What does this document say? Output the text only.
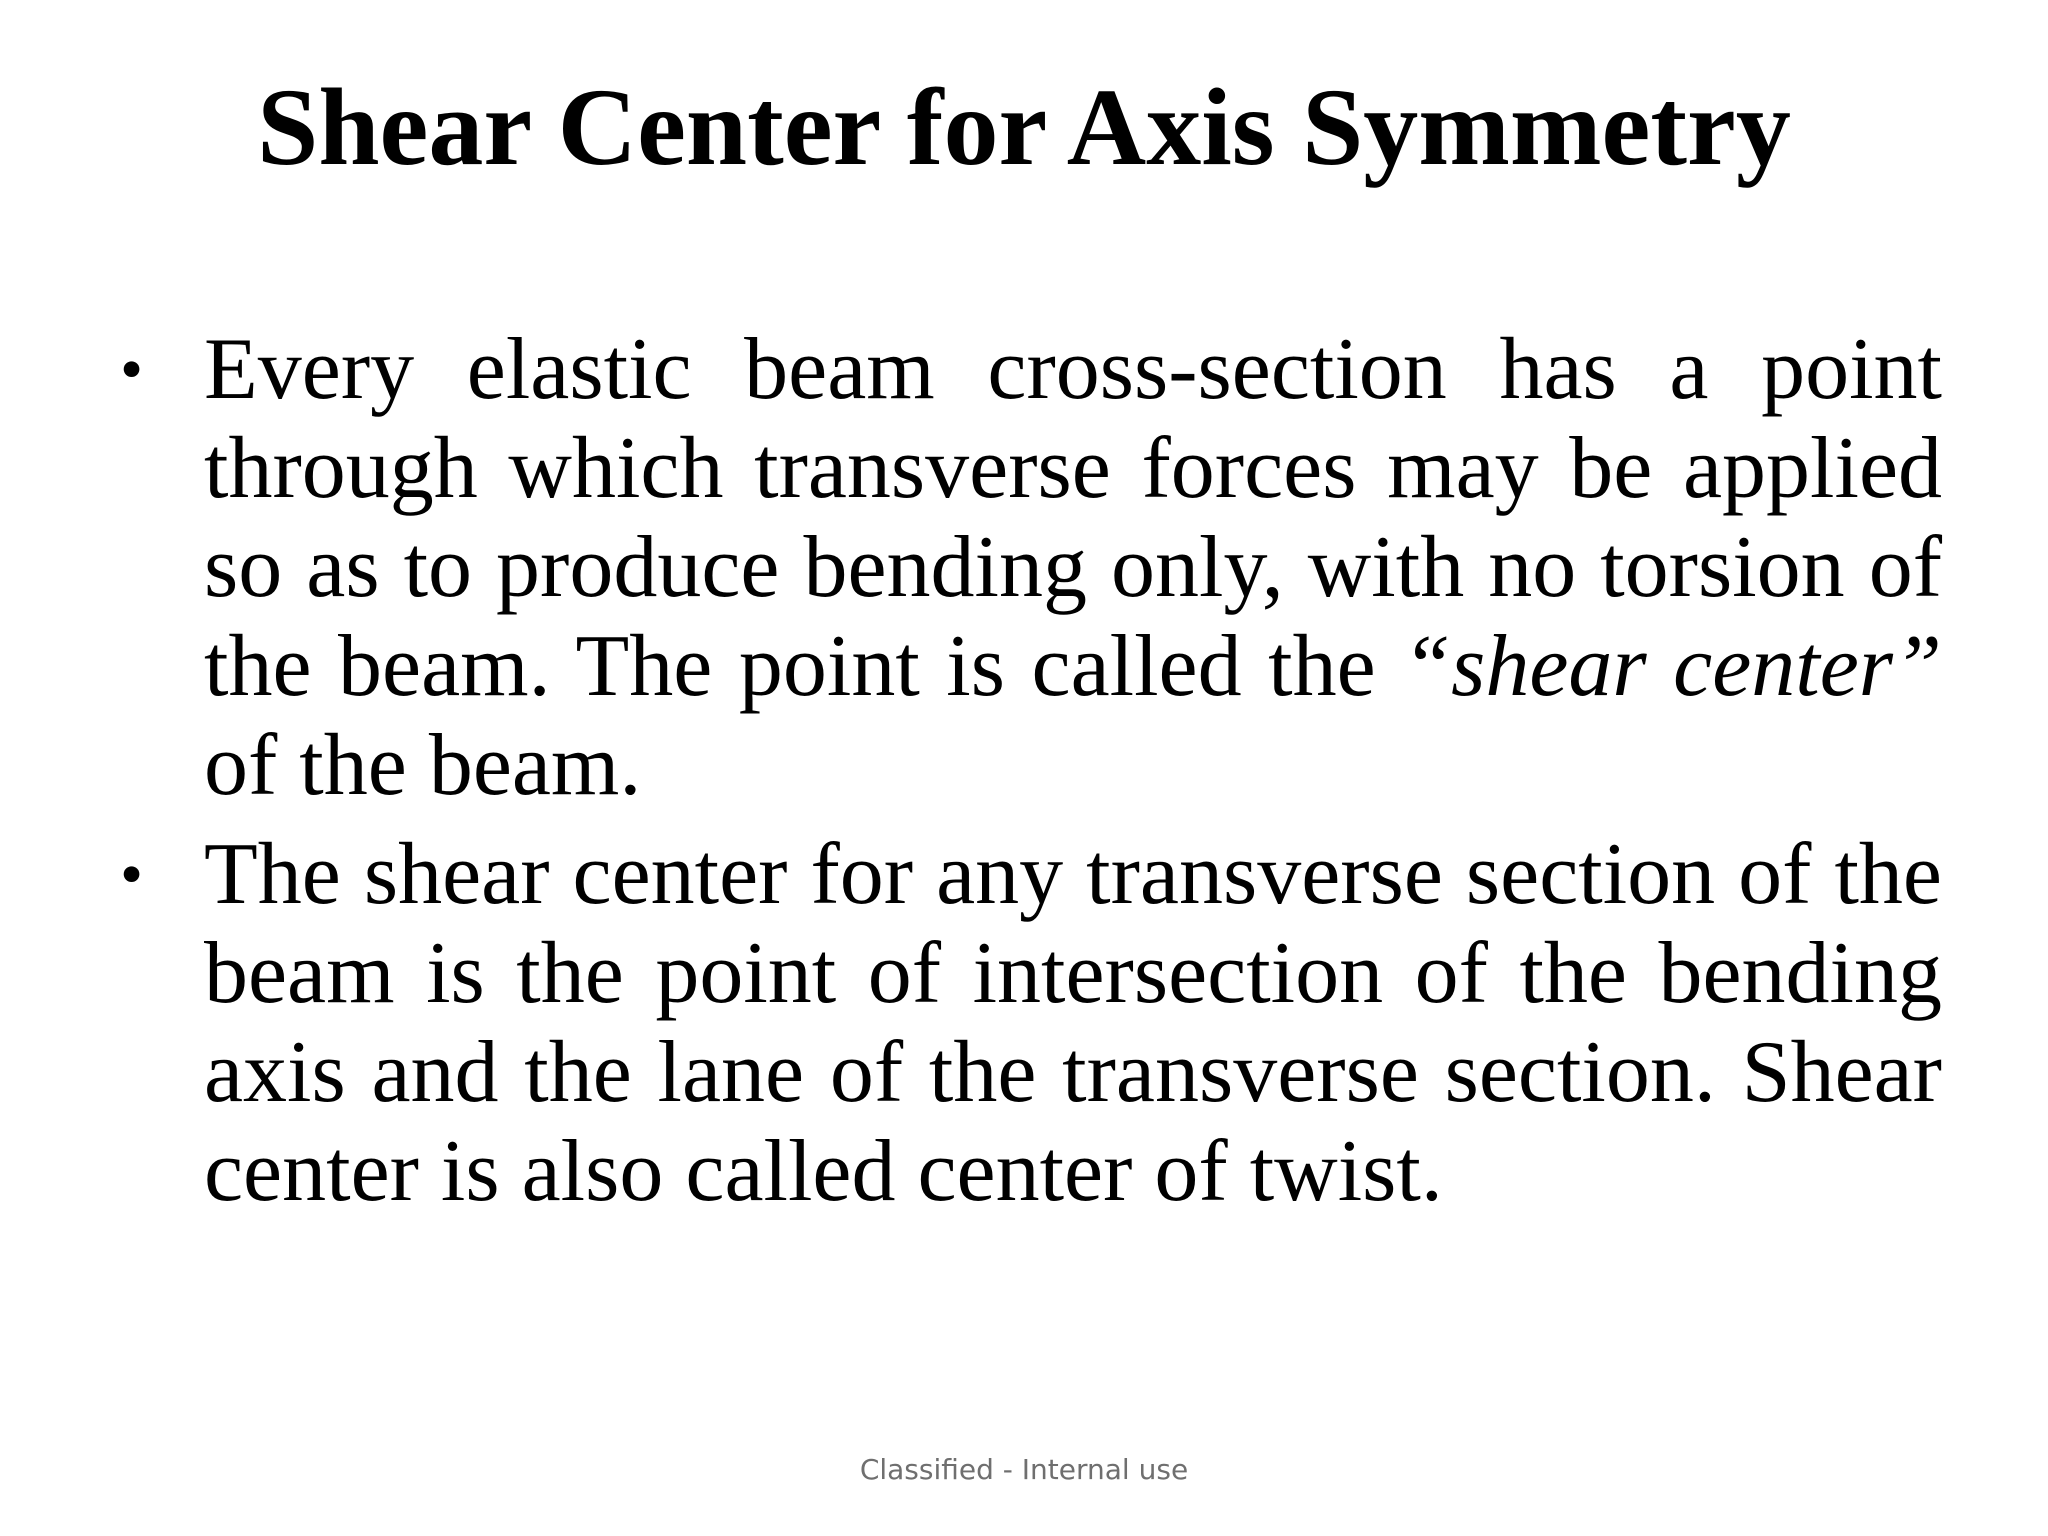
Shear Center for Axis Symmetry
• Every elastic beam cross-section has a point through which transverse forces may be applied so as to produce bending only, with no torsion of the beam. The point is called the “shear center” of the beam.
• The shear center for any transverse section of the beam is the point of intersection of the bending axis and the lane of the transverse section. Shear center is also called center of twist.
Classified - Internal use
